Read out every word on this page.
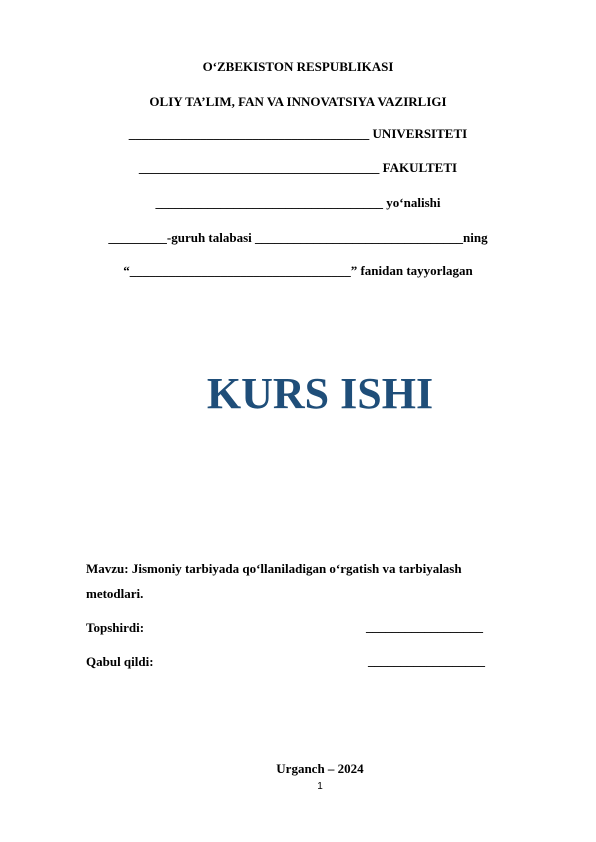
O‘ZBEKISTON RESPUBLIKASI
OLIY TA’LIM, FAN VA INNOVATSIYA VAZIRLIGI
_____________________________________ UNIVERSITETI
_____________________________________ FAKULTETI
___________________________________ yo‘nalishi
_________-guruh talabasi ________________________________ning
“__________________________________” fanidan tayyorlagan
KURS ISHI
Mavzu: Jismoniy tarbiyada qo‘llaniladigan o‘rgatish va tarbiyalash metodlari.
Topshirdi:	__________________
Qabul qildi:	__________________
Urganch – 2024
1
